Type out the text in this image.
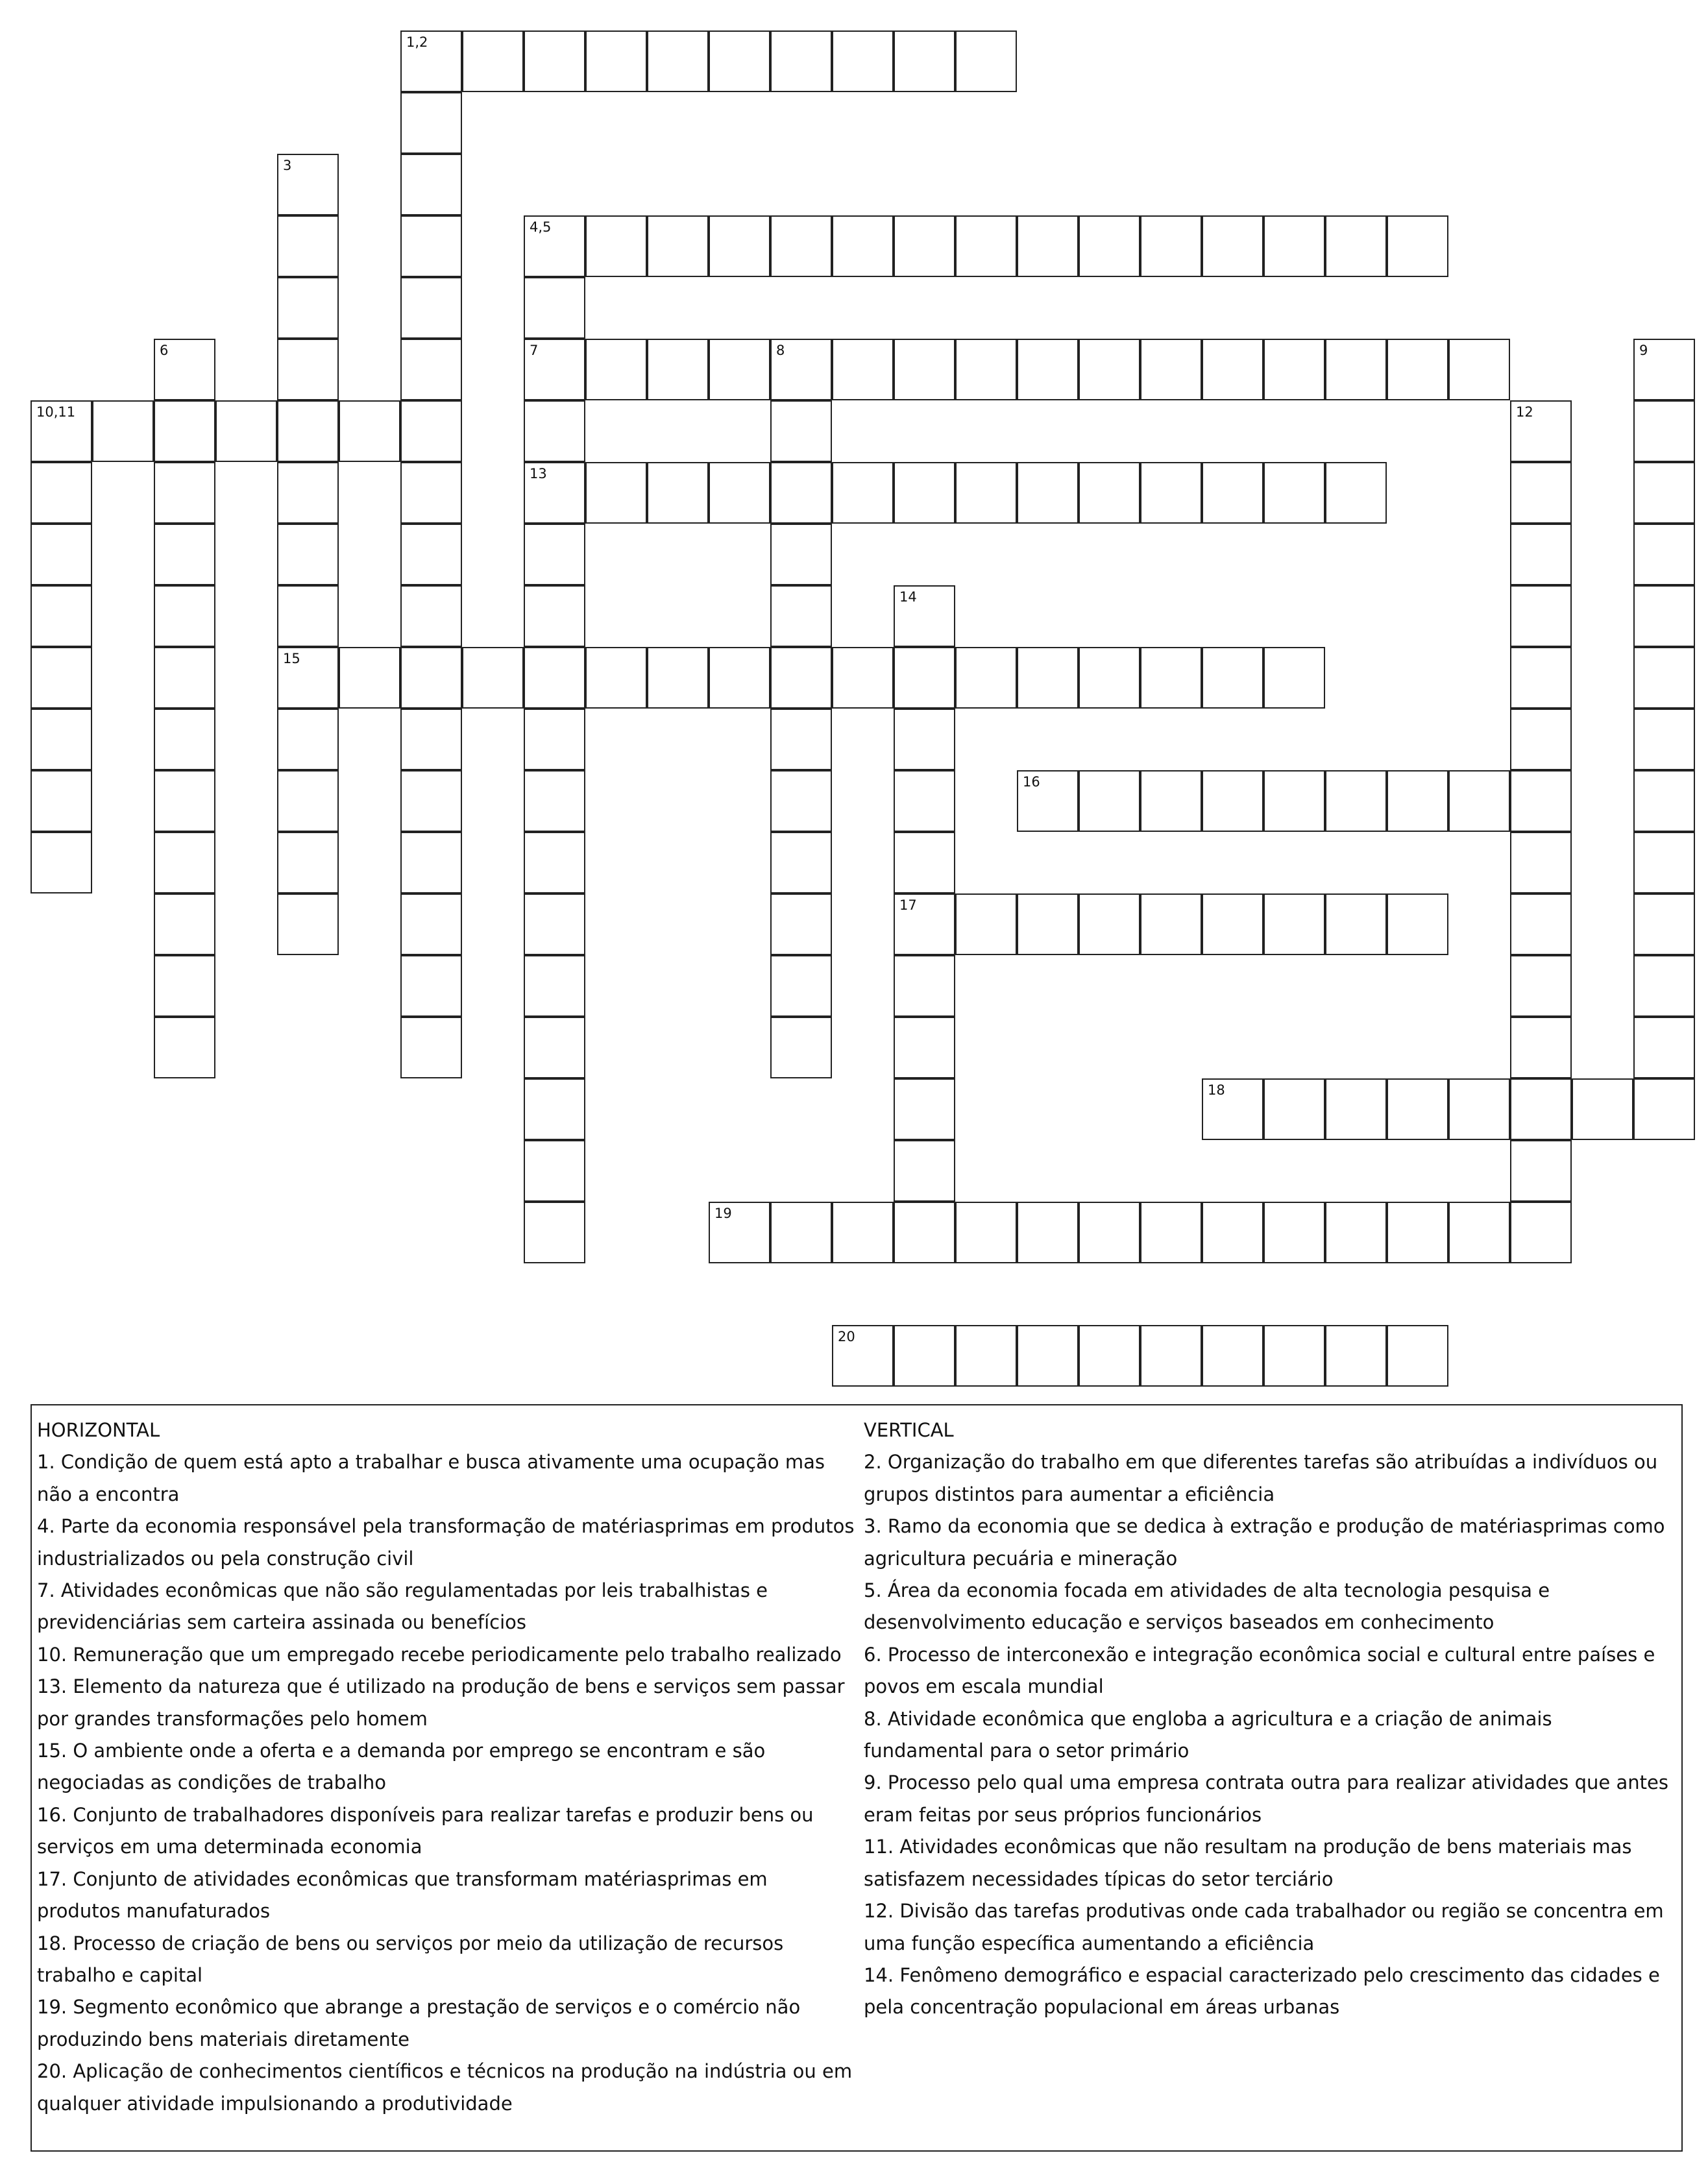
1,2
4,5
7	8
10,11
13
15
16
17
18
19
20
3
6	9
12
14
HORIZONTAL
1. Condição de quem está apto a trabalhar e busca ativamente uma ocupação mas não a encontra
4. Parte da economia responsável pela transformação de matériasprimas em produtos industrializados ou pela construção civil
7. Atividades econômicas que não são regulamentadas por leis trabalhistas e previdenciárias sem carteira assinada ou benefícios
10. Remuneração que um empregado recebe periodicamente pelo trabalho realizado
13. Elemento da natureza que é utilizado na produção de bens e serviços sem passar por grandes transformações pelo homem
15. O ambiente onde a oferta e a demanda por emprego se encontram e são negociadas as condições de trabalho
16. Conjunto de trabalhadores disponíveis para realizar tarefas e produzir bens ou serviços em uma determinada economia
17. Conjunto de atividades econômicas que transformam matériasprimas em produtos manufaturados
18. Processo de criação de bens ou serviços por meio da utilização de recursos trabalho e capital
19. Segmento econômico que abrange a prestação de serviços e o comércio não produzindo bens materiais diretamente
20. Aplicação de conhecimentos científicos e técnicos na produção na indústria ou em qualquer atividade impulsionando a produtividade
VERTICAL
2. Organização do trabalho em que diferentes tarefas são atribuídas a indivíduos ou grupos distintos para aumentar a eficiência
3. Ramo da economia que se dedica à extração e produção de matériasprimas como agricultura pecuária e mineração
5. Área da economia focada em atividades de alta tecnologia pesquisa e desenvolvimento educação e serviços baseados em conhecimento
6. Processo de interconexão e integração econômica social e cultural entre países e povos em escala mundial
8. Atividade econômica que engloba a agricultura e a criação de animais fundamental para o setor primário
9. Processo pelo qual uma empresa contrata outra para realizar atividades que antes eram feitas por seus próprios funcionários
11. Atividades econômicas que não resultam na produção de bens materiais mas satisfazem necessidades típicas do setor terciário
12. Divisão das tarefas produtivas onde cada trabalhador ou região se concentra em uma função específica aumentando a eficiência
14. Fenômeno demográfico e espacial caracterizado pelo crescimento das cidades e pela concentração populacional em áreas urbanas
